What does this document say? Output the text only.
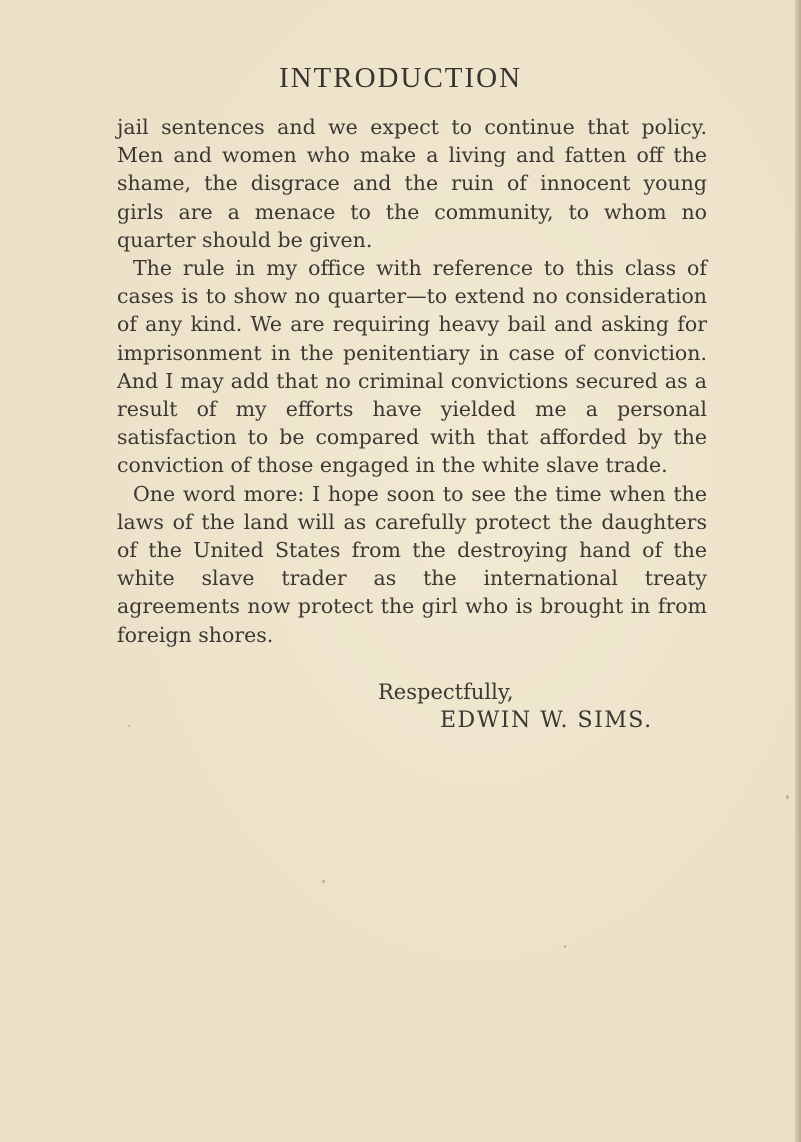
INTRODUCTION

jail sentences and we expect to continue that policy. Men and women who make a living and fatten off the shame, the disgrace and the ruin of innocent young girls are a menace to the community, to whom no quarter should be given.

The rule in my office with reference to this class of cases is to show no quarter—to extend no consideration of any kind. We are requiring heavy bail and asking for imprisonment in the penitentiary in case of conviction. And I may add that no criminal convictions secured as a result of my efforts have yielded me a personal satisfaction to be compared with that afforded by the conviction of those engaged in the white slave trade.

One word more: I hope soon to see the time when the laws of the land will as carefully protect the daughters of the United States from the destroying hand of the white slave trader as the international treaty agreements now protect the girl who is brought in from foreign shores.

Respectfully,
EDWIN W. SIMS.
